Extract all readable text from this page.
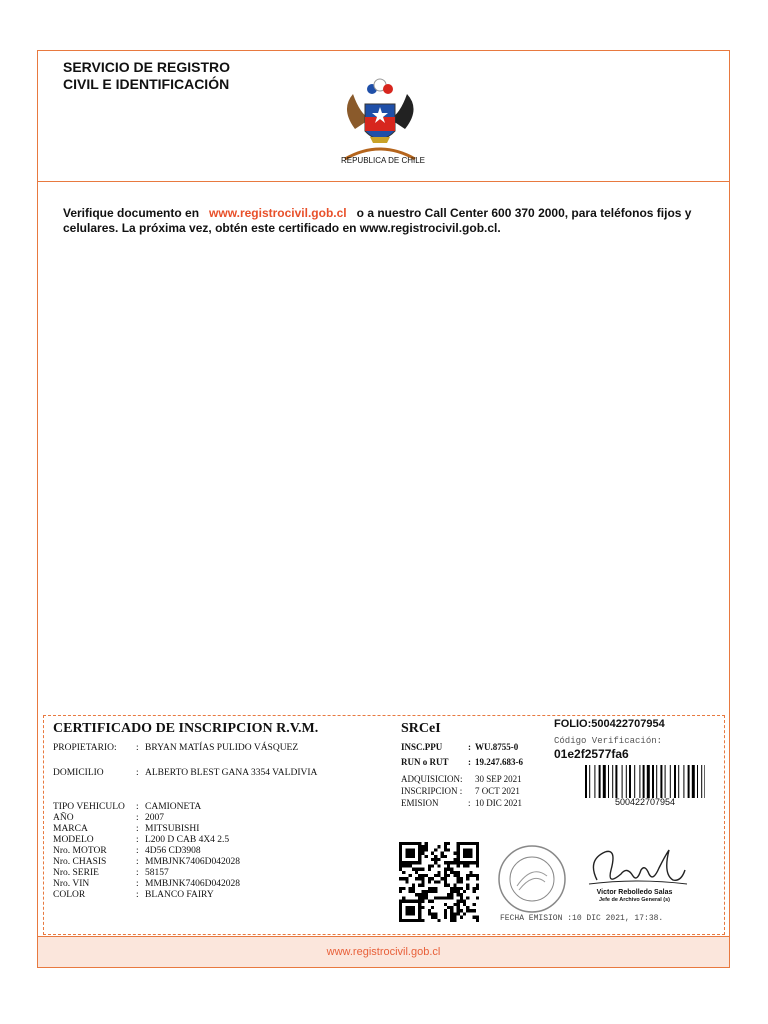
SERVICIO DE REGISTRO
CIVIL E IDENTIFICACIÓN
REPUBLICA DE CHILE
Verifique documento en www.registrocivil.gob.cl o a nuestro Call Center 600 370 2000, para teléfonos fijos y celulares. La próxima vez, obtén este certificado en www.registrocivil.gob.cl.
CERTIFICADO DE INSCRIPCION R.V.M.
PROPIETARIO: : BRYAN MATÍAS PULIDO VÁSQUEZ
DOMICILIO	: ALBERTO BLEST GANA 3354 VALDIVIA
TIPO VEHICULO : CAMIONETA
AÑO	: 2007
MARCA	: MITSUBISHI
MODELO	: L200 D CAB 4X4 2.5
Nro. MOTOR	: 4D56 CD3908
Nro. CHASIS	: MMBJNK7406D042028
Nro. SERIE	: 58157
Nro. VIN	: MMBJNK7406D042028
COLOR	: BLANCO FAIRY
SRCeI
INSC.PPU	: WU.8755-0
RUN o RUT : 19.247.683-6
ADQUISICION: 30 SEP 2021
INSCRIPCION : 7 OCT 2021
EMISION	: 10 DIC 2021
FOLIO:500422707954
Código Verificación:
01e2f2577fa6
500422707954
Victor Rebolledo Salas
Jefe de Archivo General (s)
FECHA EMISION :10 DIC 2021, 17:38.
www.registrocivil.gob.cl
